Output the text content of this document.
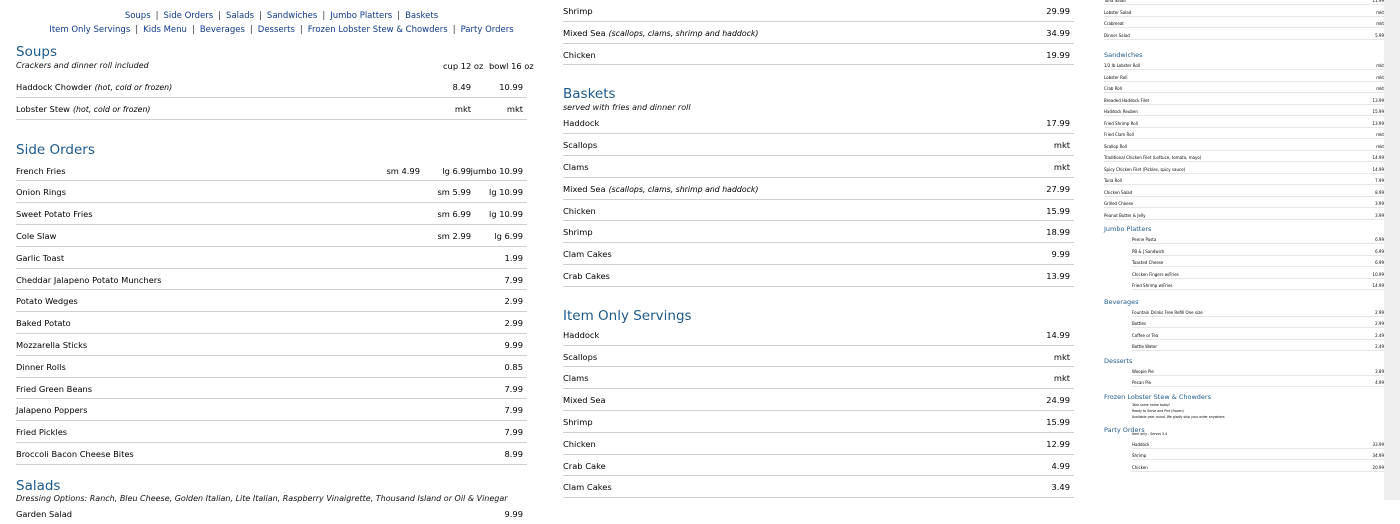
Soups | Side Orders | Salads | Sandwiches | Jumbo Platters | Baskets
Item Only Servings | Kids Menu | Beverages | Desserts | Frozen Lobster Stew & Chowders | Party Orders
Soups
Crackers and dinner roll included	cup 12 oz bowl 16 oz
Haddock Chowder (hot, cold or frozen)	8.49	10.99
Lobster Stew (hot, cold or frozen)	mkt	mkt
Side Orders
French Fries	sm 4.99	lg 6.99 jumbo 10.99
Onion Rings	sm 5.99 lg 10.99
Sweet Potato Fries	sm 6.99 lg 10.99
Cole Slaw	sm 2.99	lg 6.99
Garlic Toast	1.99
Cheddar Jalapeno Potato Munchers	7.99
Potato Wedges	2.99
Baked Potato	2.99
Mozzarella Sticks	9.99
Dinner Rolls	0.85
Fried Green Beans	7.99
Jalapeno Poppers	7.99
Fried Pickles	7.99
Broccoli Bacon Cheese Bites	8.99
Salads
Dressing Options: Ranch, Bleu Cheese, Golden Italian, Lite Italian, Raspberry Vinaigrette, Thousand Island or Oil & Vinegar
Garden Salad	9.99
Shrimp	29.99
Mixed Sea (scallops, clams, shrimp and haddock)	34.99
Chicken	19.99
Baskets
served with fries and dinner roll
Haddock	17.99
Scallops	mkt
Clams	mkt
Mixed Sea (scallops, clams, shrimp and haddock)	27.99
Chicken	15.99
Shrimp	18.99
Clam Cakes	9.99
Crab Cakes	13.99
Item Only Servings
Haddock	14.99
Scallops	mkt
Clams	mkt
Mixed Sea	24.99
Shrimp	15.99
Chicken	12.99
Crab Cake	4.99
Clam Cakes	3.49
Tuna Salad	11.99
Lobster Salad	mkt
Crabmeat	mkt
Dinner Salad	5.99
Sandwiches
1/2 lb Lobster Roll	mkt
Lobster Roll	mkt
Crab Roll	mkt
Breaded Haddock Filet	13.99
Haddock Reuben	15.99
Fried Shrimp Roll	13.99
Fried Clam Roll	mkt
Scallop Roll	mkt
Traditional Chicken Filet (Lettuce, tomato, mayo)	14.99
Spicy Chicken Filet (Pickles, spicy sauce)	14.99
Tuna Roll	7.99
Chicken Salad	8.99
Grilled Cheese	3.99
Peanut Butter & Jelly	3.99
Jumbo Platters
Penne Pasta	6.99
PB & J Sandwich	6.99
Toasted Cheese	6.99
Chicken Fingers w/Fries	10.99
Fried Shrimp w/Fries	14.99
Beverages
Fountain Drinks Free Refill One size	2.99
Bottles	2.99
Coffee or Tea	2.49
Bottle Water	2.49
Desserts
Woopie Pie	3.89
Pecan Pie	4.99
Frozen Lobster Stew & Chowders
Take some home today!
Ready to Serve and Pint (frozen)
Available year round. We gladly ship your order anywhere.
Party Orders
Item only - Serves 3-4
Haddock	33.99
Shrimp	34.99
Chicken	20.99
